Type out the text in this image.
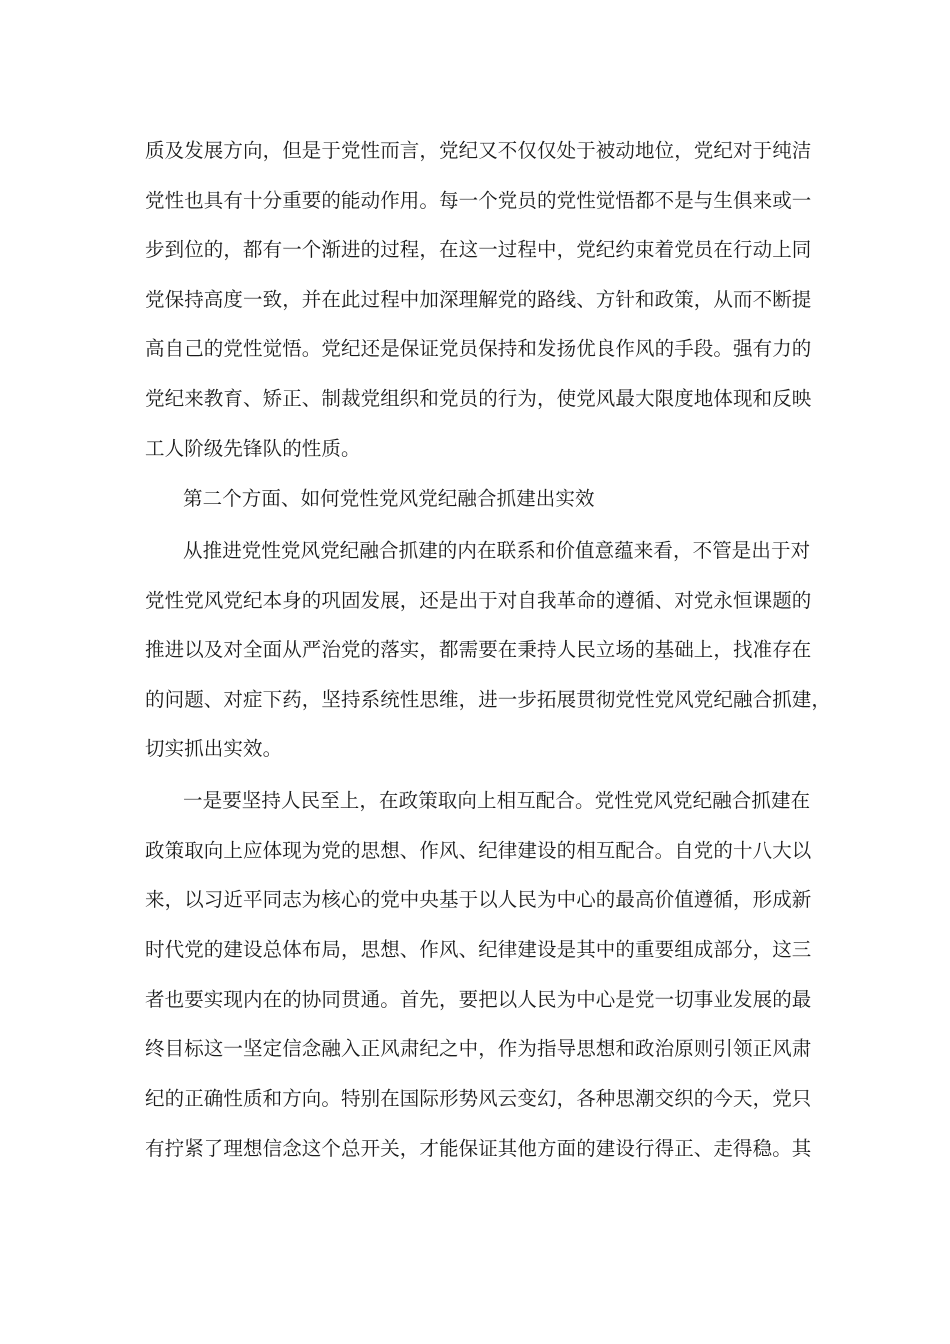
质及发展方向，但是于党性而言，党纪又不仅仅处于被动地位，党纪对于纯洁
党性也具有十分重要的能动作用。每一个党员的党性觉悟都不是与生俱来或一
步到位的，都有一个渐进的过程，在这一过程中，党纪约束着党员在行动上同
党保持高度一致，并在此过程中加深理解党的路线、方针和政策，从而不断提
高自己的党性觉悟。党纪还是保证党员保持和发扬优良作风的手段。强有力的
党纪来教育、矫正、制裁党组织和党员的行为，使党风最大限度地体现和反映
工人阶级先锋队的性质。
第二个方面、如何党性党风党纪融合抓建出实效
从推进党性党风党纪融合抓建的内在联系和价值意蕴来看，不管是出于对
党性党风党纪本身的巩固发展，还是出于对自我革命的遵循、对党永恒课题的
推进以及对全面从严治党的落实，都需要在秉持人民立场的基础上，找准存在
的问题、对症下药，坚持系统性思维，进一步拓展贯彻党性党风党纪融合抓建，
切实抓出实效。
一是要坚持人民至上，在政策取向上相互配合。党性党风党纪融合抓建在
政策取向上应体现为党的思想、作风、纪律建设的相互配合。自党的十八大以
来，以习近平同志为核心的党中央基于以人民为中心的最高价值遵循，形成新
时代党的建设总体布局，思想、作风、纪律建设是其中的重要组成部分，这三
者也要实现内在的协同贯通。首先，要把以人民为中心是党一切事业发展的最
终目标这一坚定信念融入正风肃纪之中，作为指导思想和政治原则引领正风肃
纪的正确性质和方向。特别在国际形势风云变幻，各种思潮交织的今天，党只
有拧紧了理想信念这个总开关，才能保证其他方面的建设行得正、走得稳。其
